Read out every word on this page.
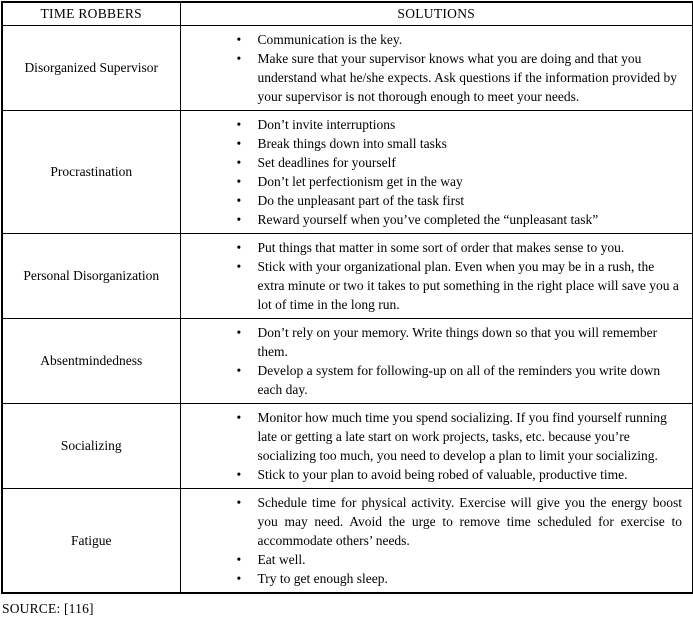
TIME ROBBERS	SOLUTIONS
Disorganized Supervisor	
• Communication is the key.
• Make sure that your supervisor knows what you are doing and that you understand what he/she expects. Ask questions if the information provided by your supervisor is not thorough enough to meet your needs.

Procrastination	
• Don’t invite interruptions
• Break things down into small tasks
• Set deadlines for yourself
• Don’t let perfectionism get in the way
• Do the unpleasant part of the task first
• Reward yourself when you’ve completed the “unpleasant task”

Personal Disorganization	
• Put things that matter in some sort of order that makes sense to you.
• Stick with your organizational plan. Even when you may be in a rush, the extra minute or two it takes to put something in the right place will save you a lot of time in the long run.

Absentmindedness	
• Don’t rely on your memory. Write things down so that you will remember them.
• Develop a system for following-up on all of the reminders you write down each day.

Socializing	
• Monitor how much time you spend socializing. If you find yourself running late or getting a late start on work projects, tasks, etc. because you’re socializing too much, you need to develop a plan to limit your socializing.
• Stick to your plan to avoid being robed of valuable, productive time.

Fatigue	
• Schedule time for physical activity. Exercise will give you the energy boost you may need. Avoid the urge to remove time scheduled for exercise to accommodate others’ needs.
• Eat well.
• Try to get enough sleep.
SOURCE: [116]
